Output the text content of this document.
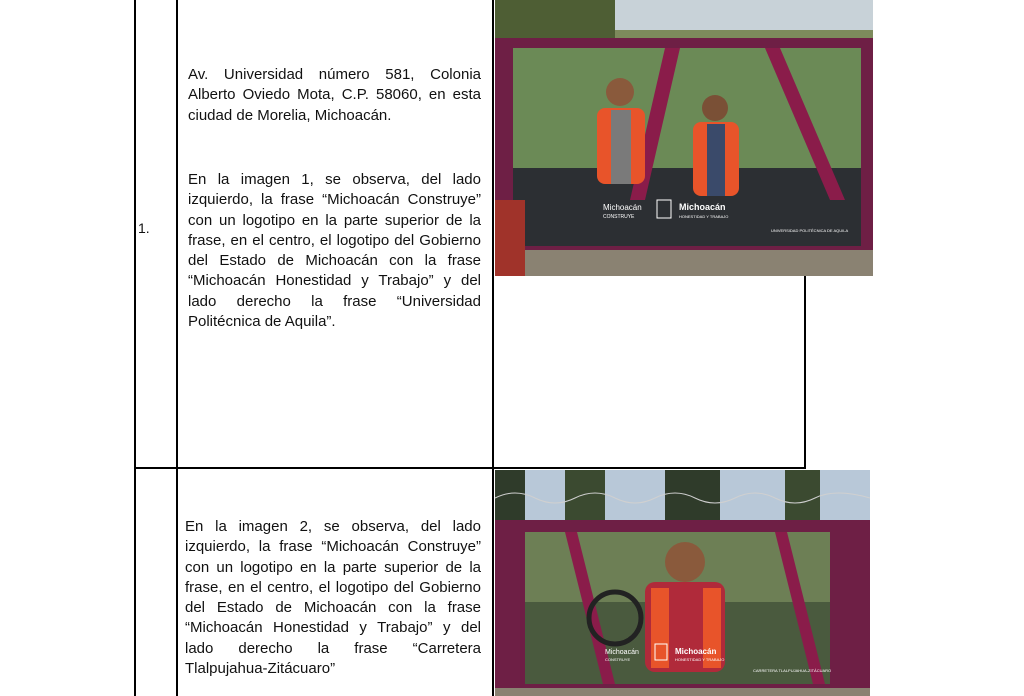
1.

Av. Universidad número 581, Colonia Alberto Oviedo Mota, C.P. 58060, en esta ciudad de Morelia, Michoacán.

En la imagen 1, se observa, del lado izquierdo, la frase “Michoacán Construye” con un logotipo en la parte superior de la frase, en el centro, el logotipo del Gobierno del Estado de Michoacán con la frase “Michoacán Honestidad y Trabajo” y del lado derecho la frase “Universidad Politécnica de Aquila”.

Michoacán
CONSTRUYE
Michoacán
HONESTIDAD Y TRABAJO
UNIVERSIDAD POLITÉCNICA DE AQUILA

En la imagen 2, se observa, del lado izquierdo, la frase “Michoacán Construye” con un logotipo en la parte superior de la frase, en el centro, el logotipo del Gobierno del Estado de Michoacán con la frase “Michoacán Honestidad y Trabajo” y del lado derecho la frase “Carretera Tlalpujahua-Zitácuaro”

Michoacán
CONSTRUYE
Michoacán
HONESTIDAD Y TRABAJO
CARRETERA TLALPUJAHUA-ZITÁCUARO
